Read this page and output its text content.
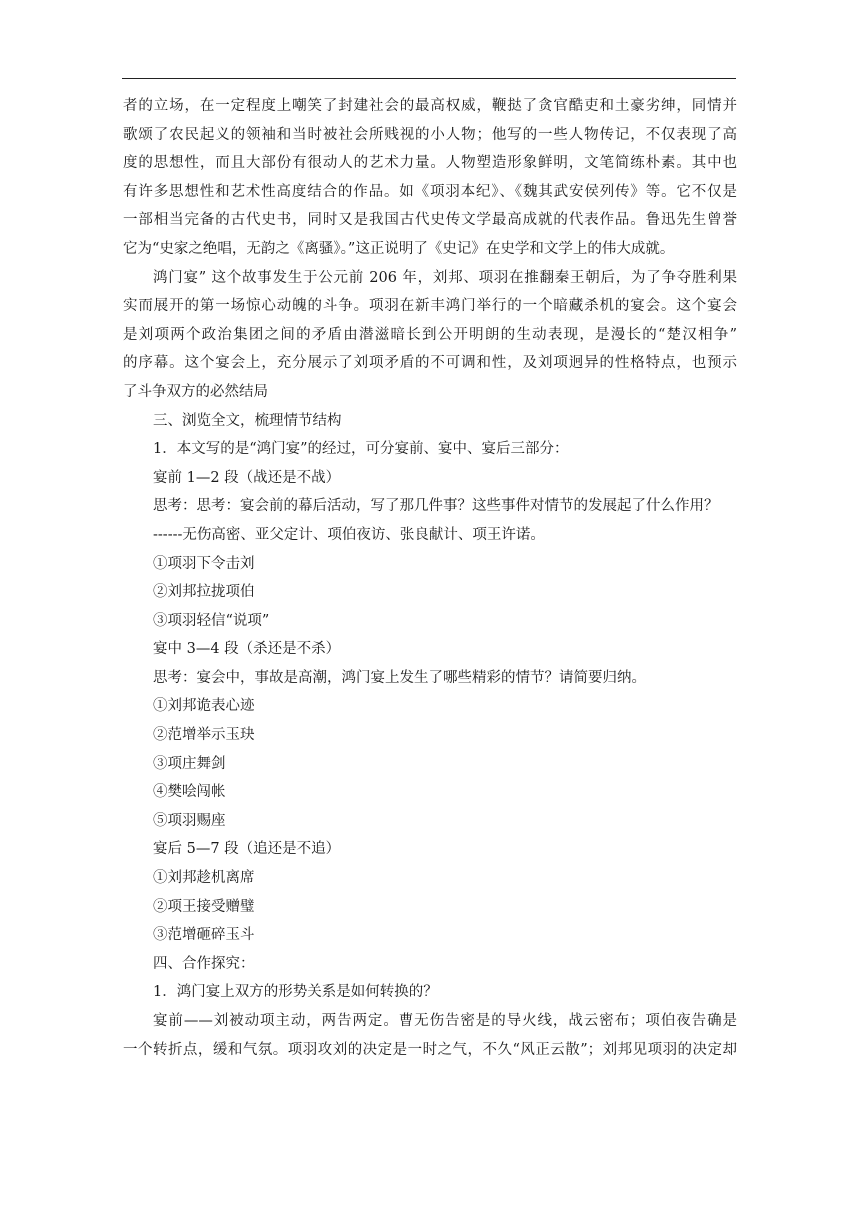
者的立场，在一定程度上嘲笑了封建社会的最高权威，鞭挞了贪官酷吏和土豪劣绅，同情并
歌颂了农民起义的领袖和当时被社会所贱视的小人物；他写的一些人物传记，不仅表现了高
度的思想性，而且大部份有很动人的艺术力量。人物塑造形象鲜明，文笔简练朴素。其中也
有许多思想性和艺术性高度结合的作品。如《项羽本纪》、《魏其武安侯列传》等。它不仅是
一部相当完备的古代史书，同时又是我国古代史传文学最高成就的代表作品。鲁迅先生曾誉
它为“史家之绝唱，无韵之《离骚》。”这正说明了《史记》在史学和文学上的伟大成就。
鸿门宴” 这个故事发生于公元前 206 年，刘邦、项羽在推翻秦王朝后，为了争夺胜利果
实而展开的第一场惊心动魄的斗争。项羽在新丰鸿门举行的一个暗藏杀机的宴会。这个宴会
是刘项两个政治集团之间的矛盾由潜滋暗长到公开明朗的生动表现，是漫长的“楚汉相争”
的序幕。这个宴会上，充分展示了刘项矛盾的不可调和性，及刘项迥异的性格特点，也预示
了斗争双方的必然结局
三、浏览全文，梳理情节结构
1．本文写的是“鸿门宴”的经过，可分宴前、宴中、宴后三部分：
宴前 1—2 段（战还是不战）
思考：思考：宴会前的幕后活动，写了那几件事？这些事件对情节的发展起了什么作用？
------无伤高密、亚父定计、项伯夜访、张良献计、项王许诺。
①项羽下令击刘
②刘邦拉拢项伯
③项羽轻信“说项”
宴中 3—4 段（杀还是不杀）
思考：宴会中，事故是高潮，鸿门宴上发生了哪些精彩的情节？请简要归纳。
①刘邦诡表心迹
②范增举示玉玦
③项庄舞剑
④樊哙闯帐
⑤项羽赐座
宴后 5—7 段（追还是不追）
①刘邦趁机离席
②项王接受赠璧
③范增砸碎玉斗
四、合作探究：
1．鸿门宴上双方的形势关系是如何转换的？
宴前——刘被动项主动，两告两定。曹无伤告密是的导火线，战云密布；项伯夜告确是
一个转折点，缓和气氛。项羽攻刘的决定是一时之气，不久“风正云散”；刘邦见项羽的决定却
